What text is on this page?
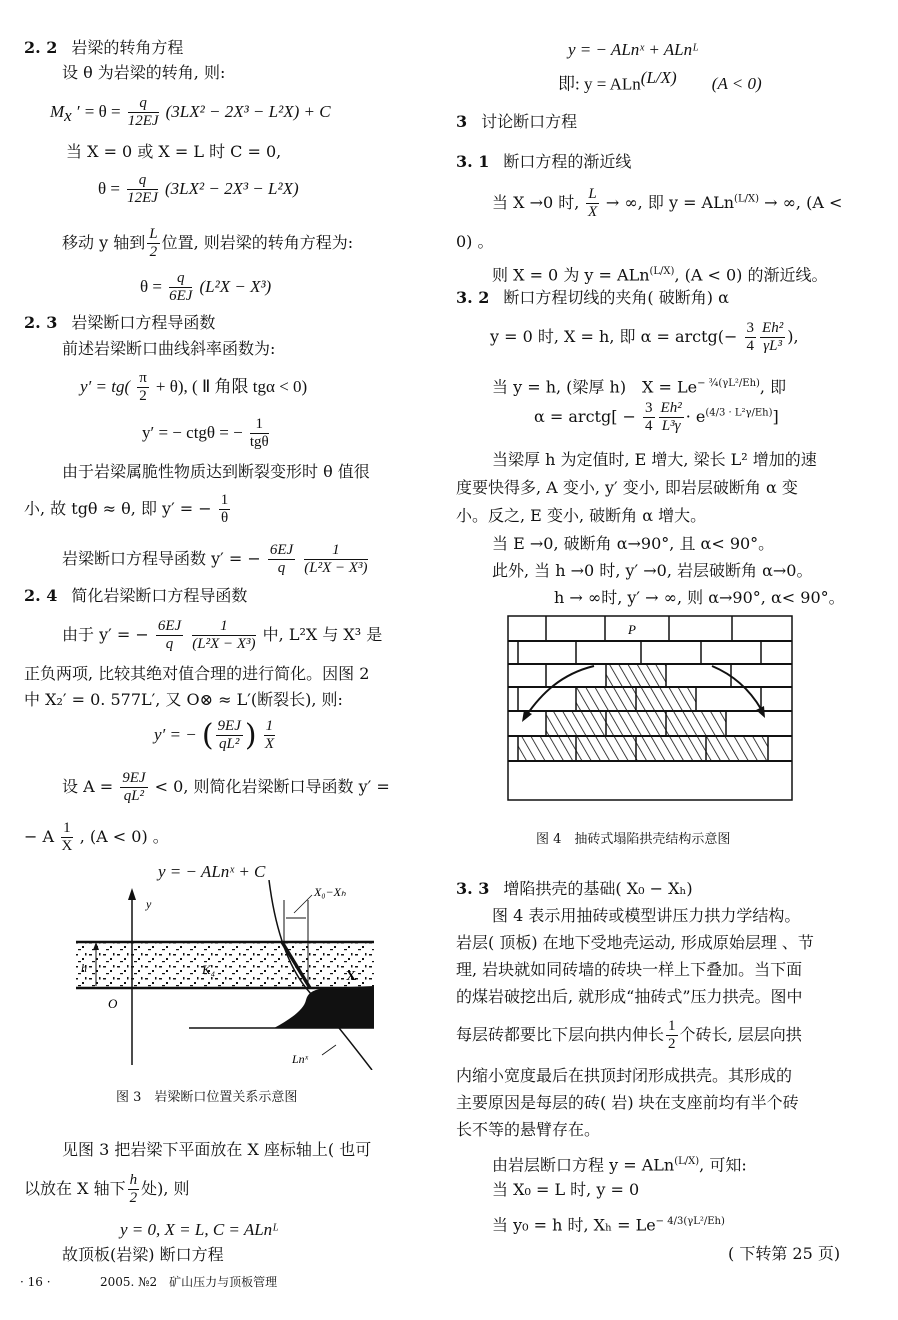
2. 2 岩梁的转角方程
设 θ 为岩梁的转角, 则:
$M_x$ ′ = $\theta = \frac{q}{12EJ} (3LX^2 - 2X^3 - L^2X) + C$
当 X = 0 或 X = L 时 C = 0,
$\theta = \frac{q}{12EJ} (3LX^2 - 2X^3 - L^2X)$
移动 y 轴到 $\frac{L}{2}$ 位置, 则岩梁的转角方程为:
$\theta = \frac{q}{6EJ} (L^2X - X^3)$
2. 3 岩梁断口方程导函数
前述岩梁断口曲线斜率函数为:
$y' = tg( \frac{\pi}{2} + \theta)$, ( Ⅱ 角限 tgα < 0)
y′ = − ctgθ = − $\frac{1}{\text{tgθ}}$
由于岩梁属脆性物质达到断裂变形时 θ 值很
小, 故 tgθ ≈ θ, 即 y′ = − $\frac{1}{\theta}$
岩梁断口方程导函数 y′ = − $\frac{6EJ}{q}$
$\frac{1}{\text{(L²X − X³)}}$
2. 4 简化岩梁断口方程导函数
由于 y′ = − $\frac{6EJ}{q}$
$\frac{1}{\text{(L²X − X³)}}$ 中, L²X 与 X³ 是
正负两项, 比较其绝对值合理的进行简化。因图 2
中 X₂′ = 0. 577L′, 又 O⊗ ≈ L′(断裂长), 则:
y′ = − ( $\frac{9EJ}{\text{qL²}}$ ) $\frac{1}{X}$
设 $A = \frac{9EJ}{\text{qL²}} < 0$, 则简化岩梁断口导函数 y′ =
− A $\frac{1}{X}$ , (A < 0) 。
y = − ALnˣ + C
y
X₀−Xₕ
h	K₄	X
O
Lnˣ
图 3　岩梁断口位置关系示意图
见图 3 把岩梁下平面放在 X 座标轴上( 也可
以放在 X 轴下 $\frac{h}{2}$ 处), 则
y = 0, X = L, C = ALnᴸ
故顶板(岩梁) 断口方程
· 16 ·	2005. №2　矿山压力与顶板管理
y = − ALnˣ + ALnᴸ
即: y = ALn$^{(L/X)}$ (A < 0)
3 讨论断口方程
3. 1 断口方程的渐近线
当 X →0 时, $\frac{L}{X}$ → ∞, 即 y = ALn$^{(L/X)}$ → ∞, (A <
0) 。
则 X = 0 为 y = ALn$^{(L/X)}$, (A < 0) 的渐近线。
3. 2 断口方程切线的夹角( 破断角) α
y = 0 时, X = h, 即 α = arctg(− $\frac{3}{4} \frac{\text{Eh²}}{\text{γL³}}$ ),
当 y = h, (梁厚 h)　$X = Le^{- \frac{3}{4}(\gamma L^2/Eh)}$, 即
α = arctg[ − $\frac{3}{4} \frac{\text{Eh²}}{\text{L³γ}} \cdot e^{(4/3 \cdot L^2\gamma/Eh)}$]
当梁厚 h 为定值时, E 增大, 梁长 L² 增加的速
度要快得多, A 变小, y′ 变小, 即岩层破断角 α 变
小。反之, E 变小, 破断角 α 增大。
当 E →0, 破断角 α→90°, 且 α< 90°。
此外, 当 h →0 时, y′ →0, 岩层破断角 α→0。
h → ∞时, y′ → ∞, 则 α→90°, α< 90°。
P
图 4　抽砖式塌陷拱壳结构示意图
3. 3 增陷拱壳的基础( X₀ − Xₕ)
图 4 表示用抽砖或模型讲压力拱力学结构。
岩层( 顶板) 在地下受地壳运动, 形成原始层理 、节
理, 岩块就如同砖墙的砖块一样上下叠加。当下面
的煤岩破挖出后, 就形成“抽砖式”压力拱壳。图中
每层砖都要比下层向拱内伸长 $\frac{1}{2}$ 个砖长, 层层向拱
内缩小宽度最后在拱顶封闭形成拱壳。其形成的
主要原因是每层的砖( 岩) 块在支座前均有半个砖
长不等的悬臂存在。
由岩层断口方程 y = ALn$^{(L/X)}$, 可知:
当 X₀ = L 时, y = 0
当 y₀ = h 时, $X_h = Le^{- 4/3(\gamma L^2/Eh)}$
( 下转第 25 页)
